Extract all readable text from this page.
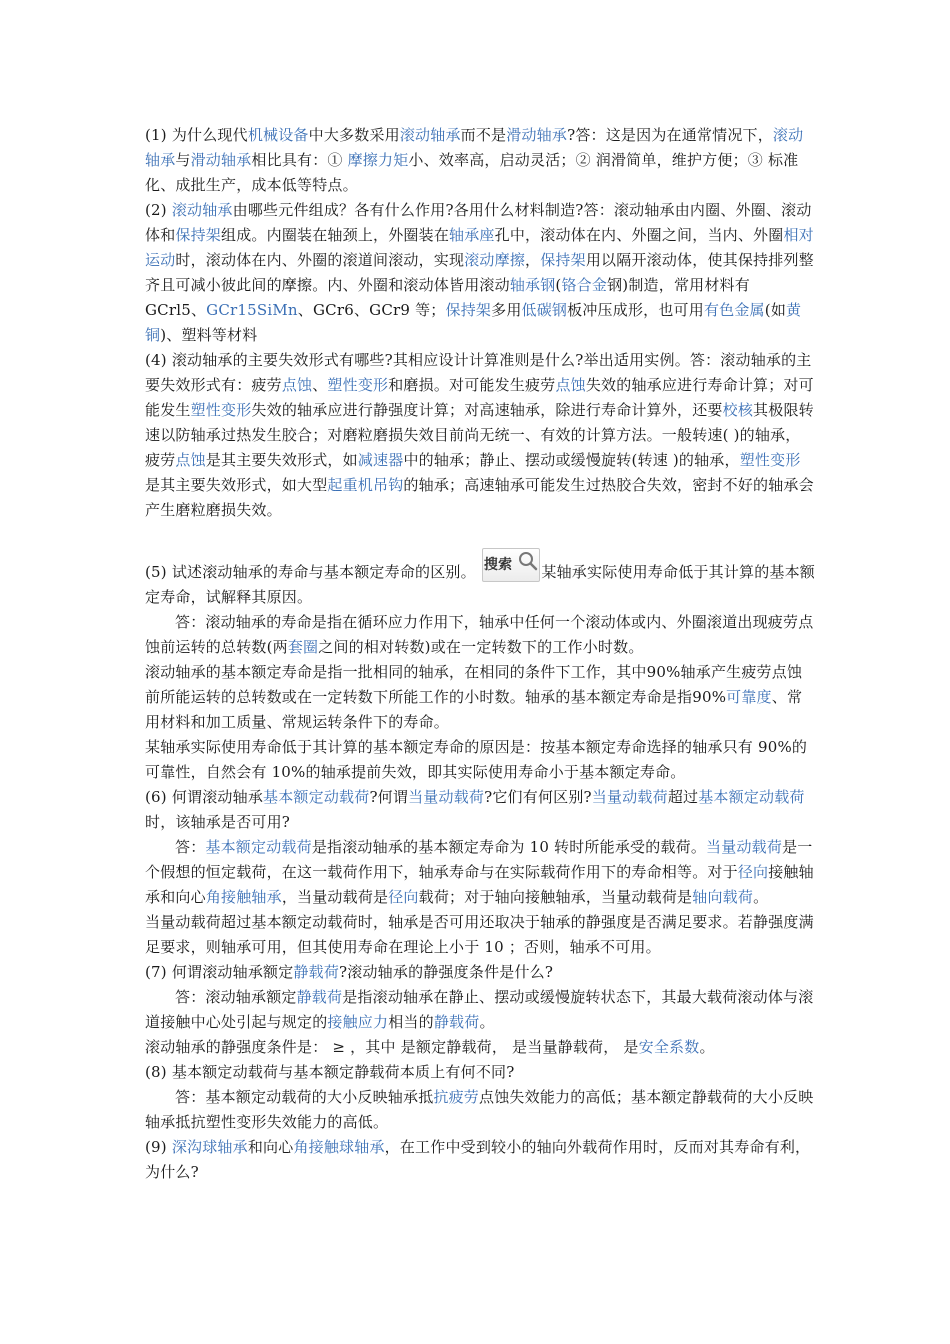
(1) 为什么现代机械设备中大多数采用滚动轴承而不是滑动轴承?答：这是因为在通常情况下，滚动轴承与滑动轴承相比具有：① 摩擦力矩小、效率高，启动灵活；② 润滑简单，维护方便；③ 标准化、成批生产，成本低等特点。

(2) 滚动轴承由哪些元件组成？各有什么作用?各用什么材料制造?答：滚动轴承由内圈、外圈、滚动体和保持架组成。内圈装在轴颈上，外圈装在轴承座孔中，滚动体在内、外圈之间，当内、外圈相对运动时，滚动体在内、外圈的滚道间滚动，实现滚动摩擦，保持架用以隔开滚动体，使其保持排列整齐且可减小彼此间的摩擦。内、外圈和滚动体皆用滚动轴承钢(铬合金钢)制造，常用材料有 GCrl5、GCr15SiMn、GCr6、GCr9 等；保持架多用低碳钢板冲压成形，也可用有色金属(如黄铜)、塑料等材料

(4) 滚动轴承的主要失效形式有哪些?其相应设计计算准则是什么?举出适用实例。答：滚动轴承的主要失效形式有：疲劳点蚀、塑性变形和磨损。对可能发生疲劳点蚀失效的轴承应进行寿命计算；对可能发生塑性变形失效的轴承应进行静强度计算；对高速轴承，除进行寿命计算外，还要校核其极限转速以防轴承过热发生胶合；对磨粒磨损失效目前尚无统一、有效的计算方法。一般转速( )的轴承，疲劳点蚀是其主要失效形式，如减速器中的轴承；静止、摆动或缓慢旋转(转速 )的轴承，塑性变形是其主要失效形式，如大型起重机吊钩的轴承；高速轴承可能发生过热胶合失效，密封不好的轴承会产生磨粒磨损失效。

(5) 试述滚动轴承的寿命与基本额定寿命的区别。 搜索 某轴承实际使用寿命低于其计算的基本额

定寿命，试解释其原因。

答：滚动轴承的寿命是指在循环应力作用下，轴承中任何一个滚动体或内、外圈滚道出现疲劳点蚀前运转的总转数(两套圈之间的相对转数)或在一定转数下的工作小时数。

滚动轴承的基本额定寿命是指一批相同的轴承，在相同的条件下工作，其中90%轴承产生疲劳点蚀前所能运转的总转数或在一定转数下所能工作的小时数。轴承的基本额定寿命是指90%可靠度、常用材料和加工质量、常规运转条件下的寿命。

某轴承实际使用寿命低于其计算的基本额定寿命的原因是：按基本额定寿命选择的轴承只有 90%的可靠性，自然会有 10%的轴承提前失效，即其实际使用寿命小于基本额定寿命。

(6) 何谓滚动轴承基本额定动载荷?何谓当量动载荷?它们有何区别?当量动载荷超过基本额定动载荷时，该轴承是否可用?

答：基本额定动载荷是指滚动轴承的基本额定寿命为 10 转时所能承受的载荷。当量动载荷是一个假想的恒定载荷，在这一载荷作用下，轴承寿命与在实际载荷作用下的寿命相等。对于径向接触轴承和向心角接触轴承，当量动载荷是径向载荷；对于轴向接触轴承，当量动载荷是轴向载荷。

当量动载荷超过基本额定动载荷时，轴承是否可用还取决于轴承的静强度是否满足要求。若静强度满足要求，则轴承可用，但其使用寿命在理论上小于 10 ；否则，轴承不可用。

(7) 何谓滚动轴承额定静载荷?滚动轴承的静强度条件是什么?

答：滚动轴承额定静载荷是指滚动轴承在静止、摆动或缓慢旋转状态下，其最大载荷滚动体与滚道接触中心处引起与规定的接触应力相当的静载荷。

滚动轴承的静强度条件是： ≥ ，其中 是额定静载荷， 是当量静载荷， 是安全系数。

(8) 基本额定动载荷与基本额定静载荷本质上有何不同?

答：基本额定动载荷的大小反映轴承抵抗疲劳点蚀失效能力的高低；基本额定静载荷的大小反映轴承抵抗塑性变形失效能力的高低。

(9) 深沟球轴承和向心角接触球轴承，在工作中受到较小的轴向外载荷作用时，反而对其寿命有利，为什么?
